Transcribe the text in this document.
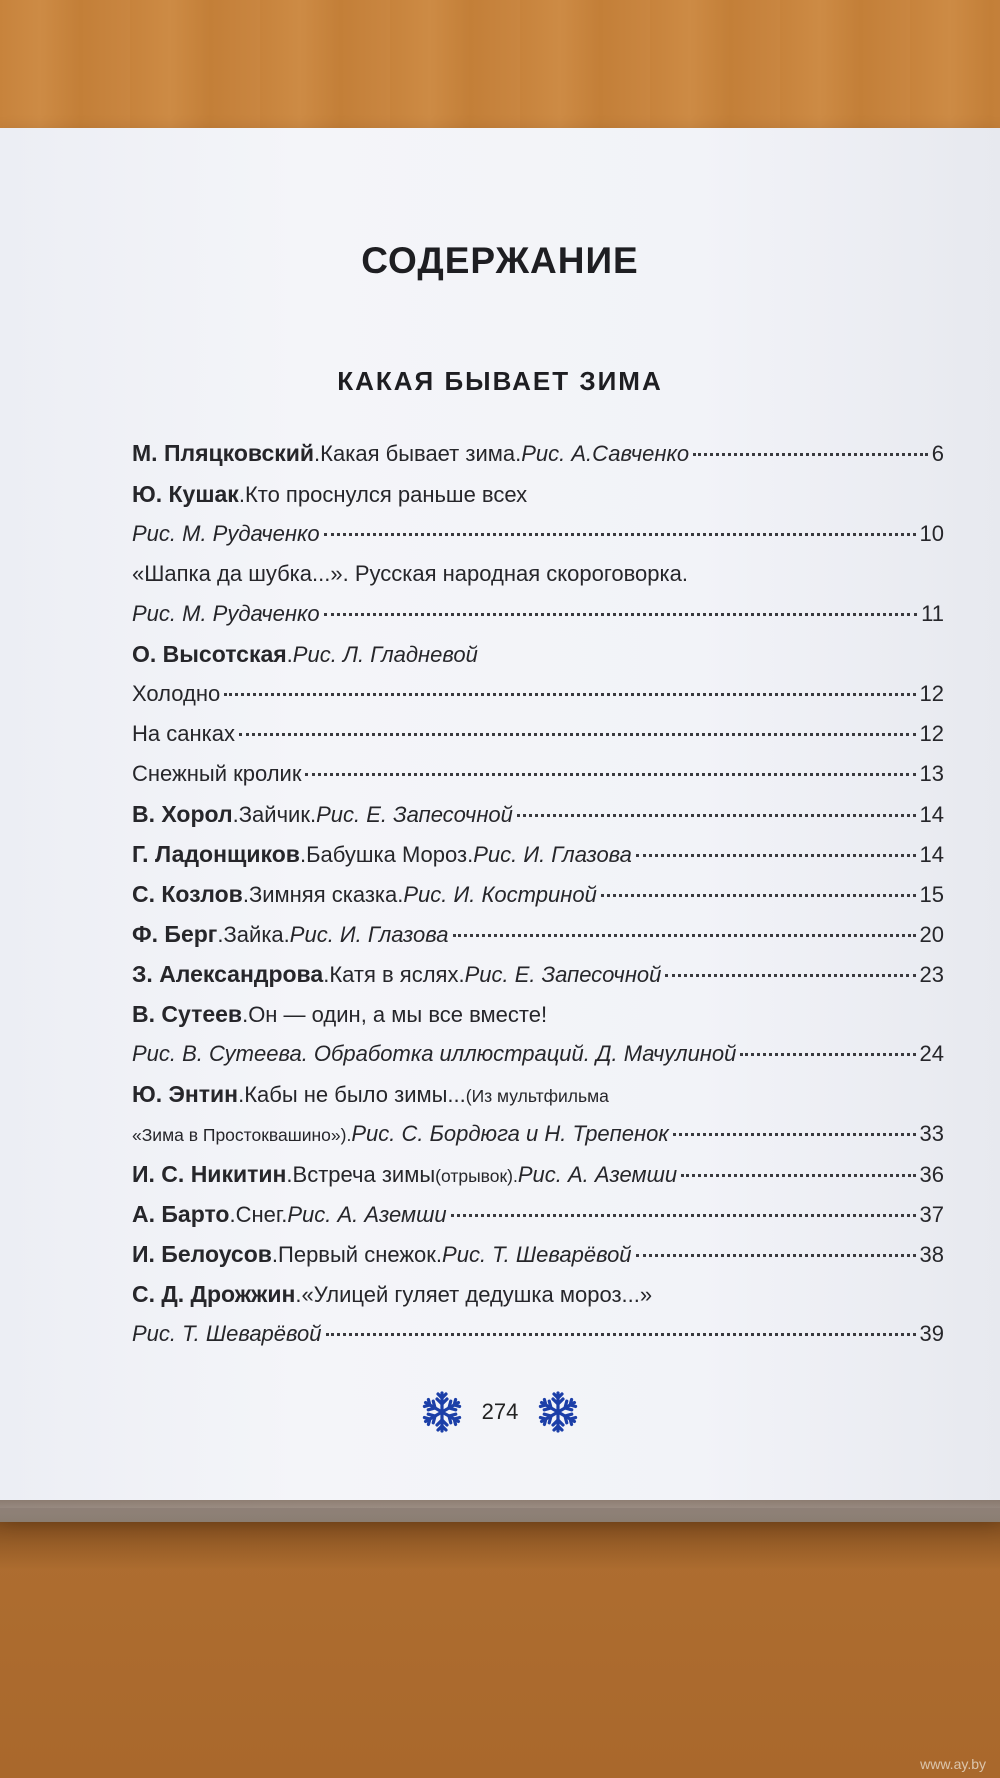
СОДЕРЖАНИЕ
КАКАЯ БЫВАЕТ ЗИМА
М. Пляцковский . Какая бывает зима. Рис. А.Савченко	6
Ю. Кушак . Кто проснулся раньше всех
Рис. М. Рудаченко	10
«Шапка да шубка...». Русская народная скороговорка.
Рис. М. Рудаченко	11
О. Высотская . Рис. Л. Гладневой
Холодно	12
На санках	12
Снежный кролик	13
В. Хорол . Зайчик. Рис. Е. Запесочной	14
Г. Ладонщиков . Бабушка Мороз. Рис. И. Глазова	14
С. Козлов . Зимняя сказка. Рис. И. Костриной	15
Ф. Берг . Зайка. Рис. И. Глазова	20
З. Александрова . Катя в яслях. Рис. Е. Запесочной	23
В. Сутеев . Он — один, а мы все вместе!
Рис. В. Сутеева. Обработка иллюстраций. Д. Мачулиной	24
Ю. Энтин . Кабы не было зимы... (Из мультфильма
«Зима в Простоквашино»). Рис. С. Бордюга и Н. Трепенок	33
И. С. Никитин . Встреча зимы (отрывок). Рис. А. Аземши	36
А. Барто . Снег. Рис. А. Аземши	37
И. Белоусов . Первый снежок. Рис. Т. Шеварёвой	38
С. Д. Дрожжин . «Улицей гуляет дедушка мороз...»
Рис. Т. Шеварёвой	39
274
www.ay.by
